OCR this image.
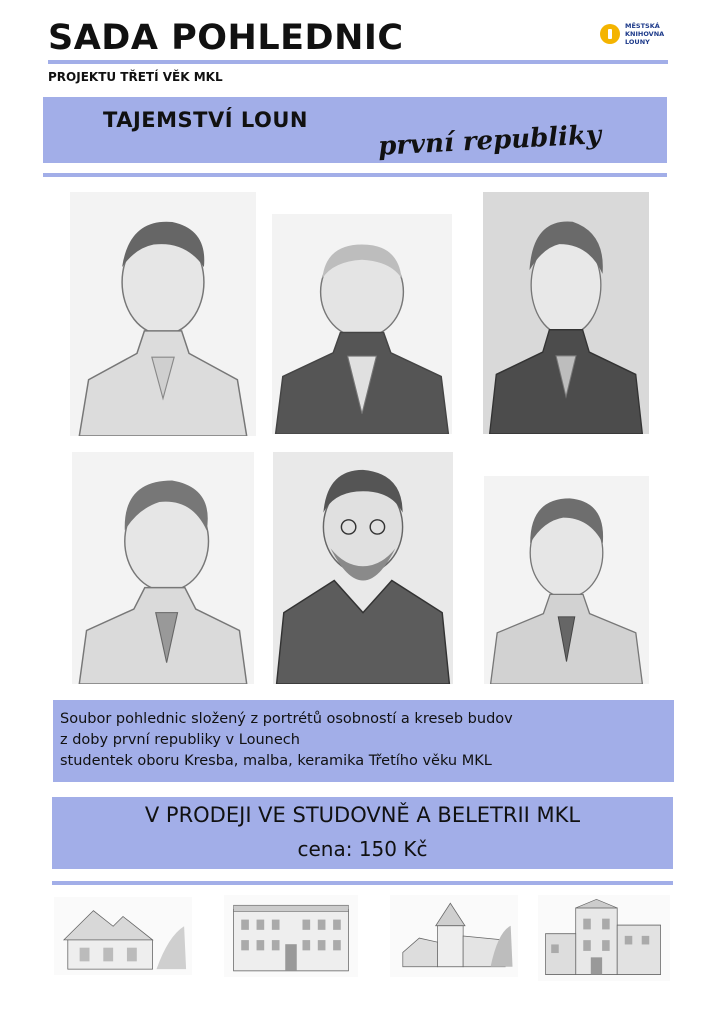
SADA POHLEDNIC	MĚSTSKÁ
KNIHOVNA
LOUNY
PROJEKTU TŘETÍ VĚK MKL
TAJEMSTVÍ LOUN
první republiky
Soubor pohlednic složený z portrétů osobností a kreseb budov
z doby první republiky v Lounech
studentek oboru Kresba, malba, keramika Třetího věku MKL
V PRODEJI VE STUDOVNĚ A BELETRII MKL
cena: 150 Kč
